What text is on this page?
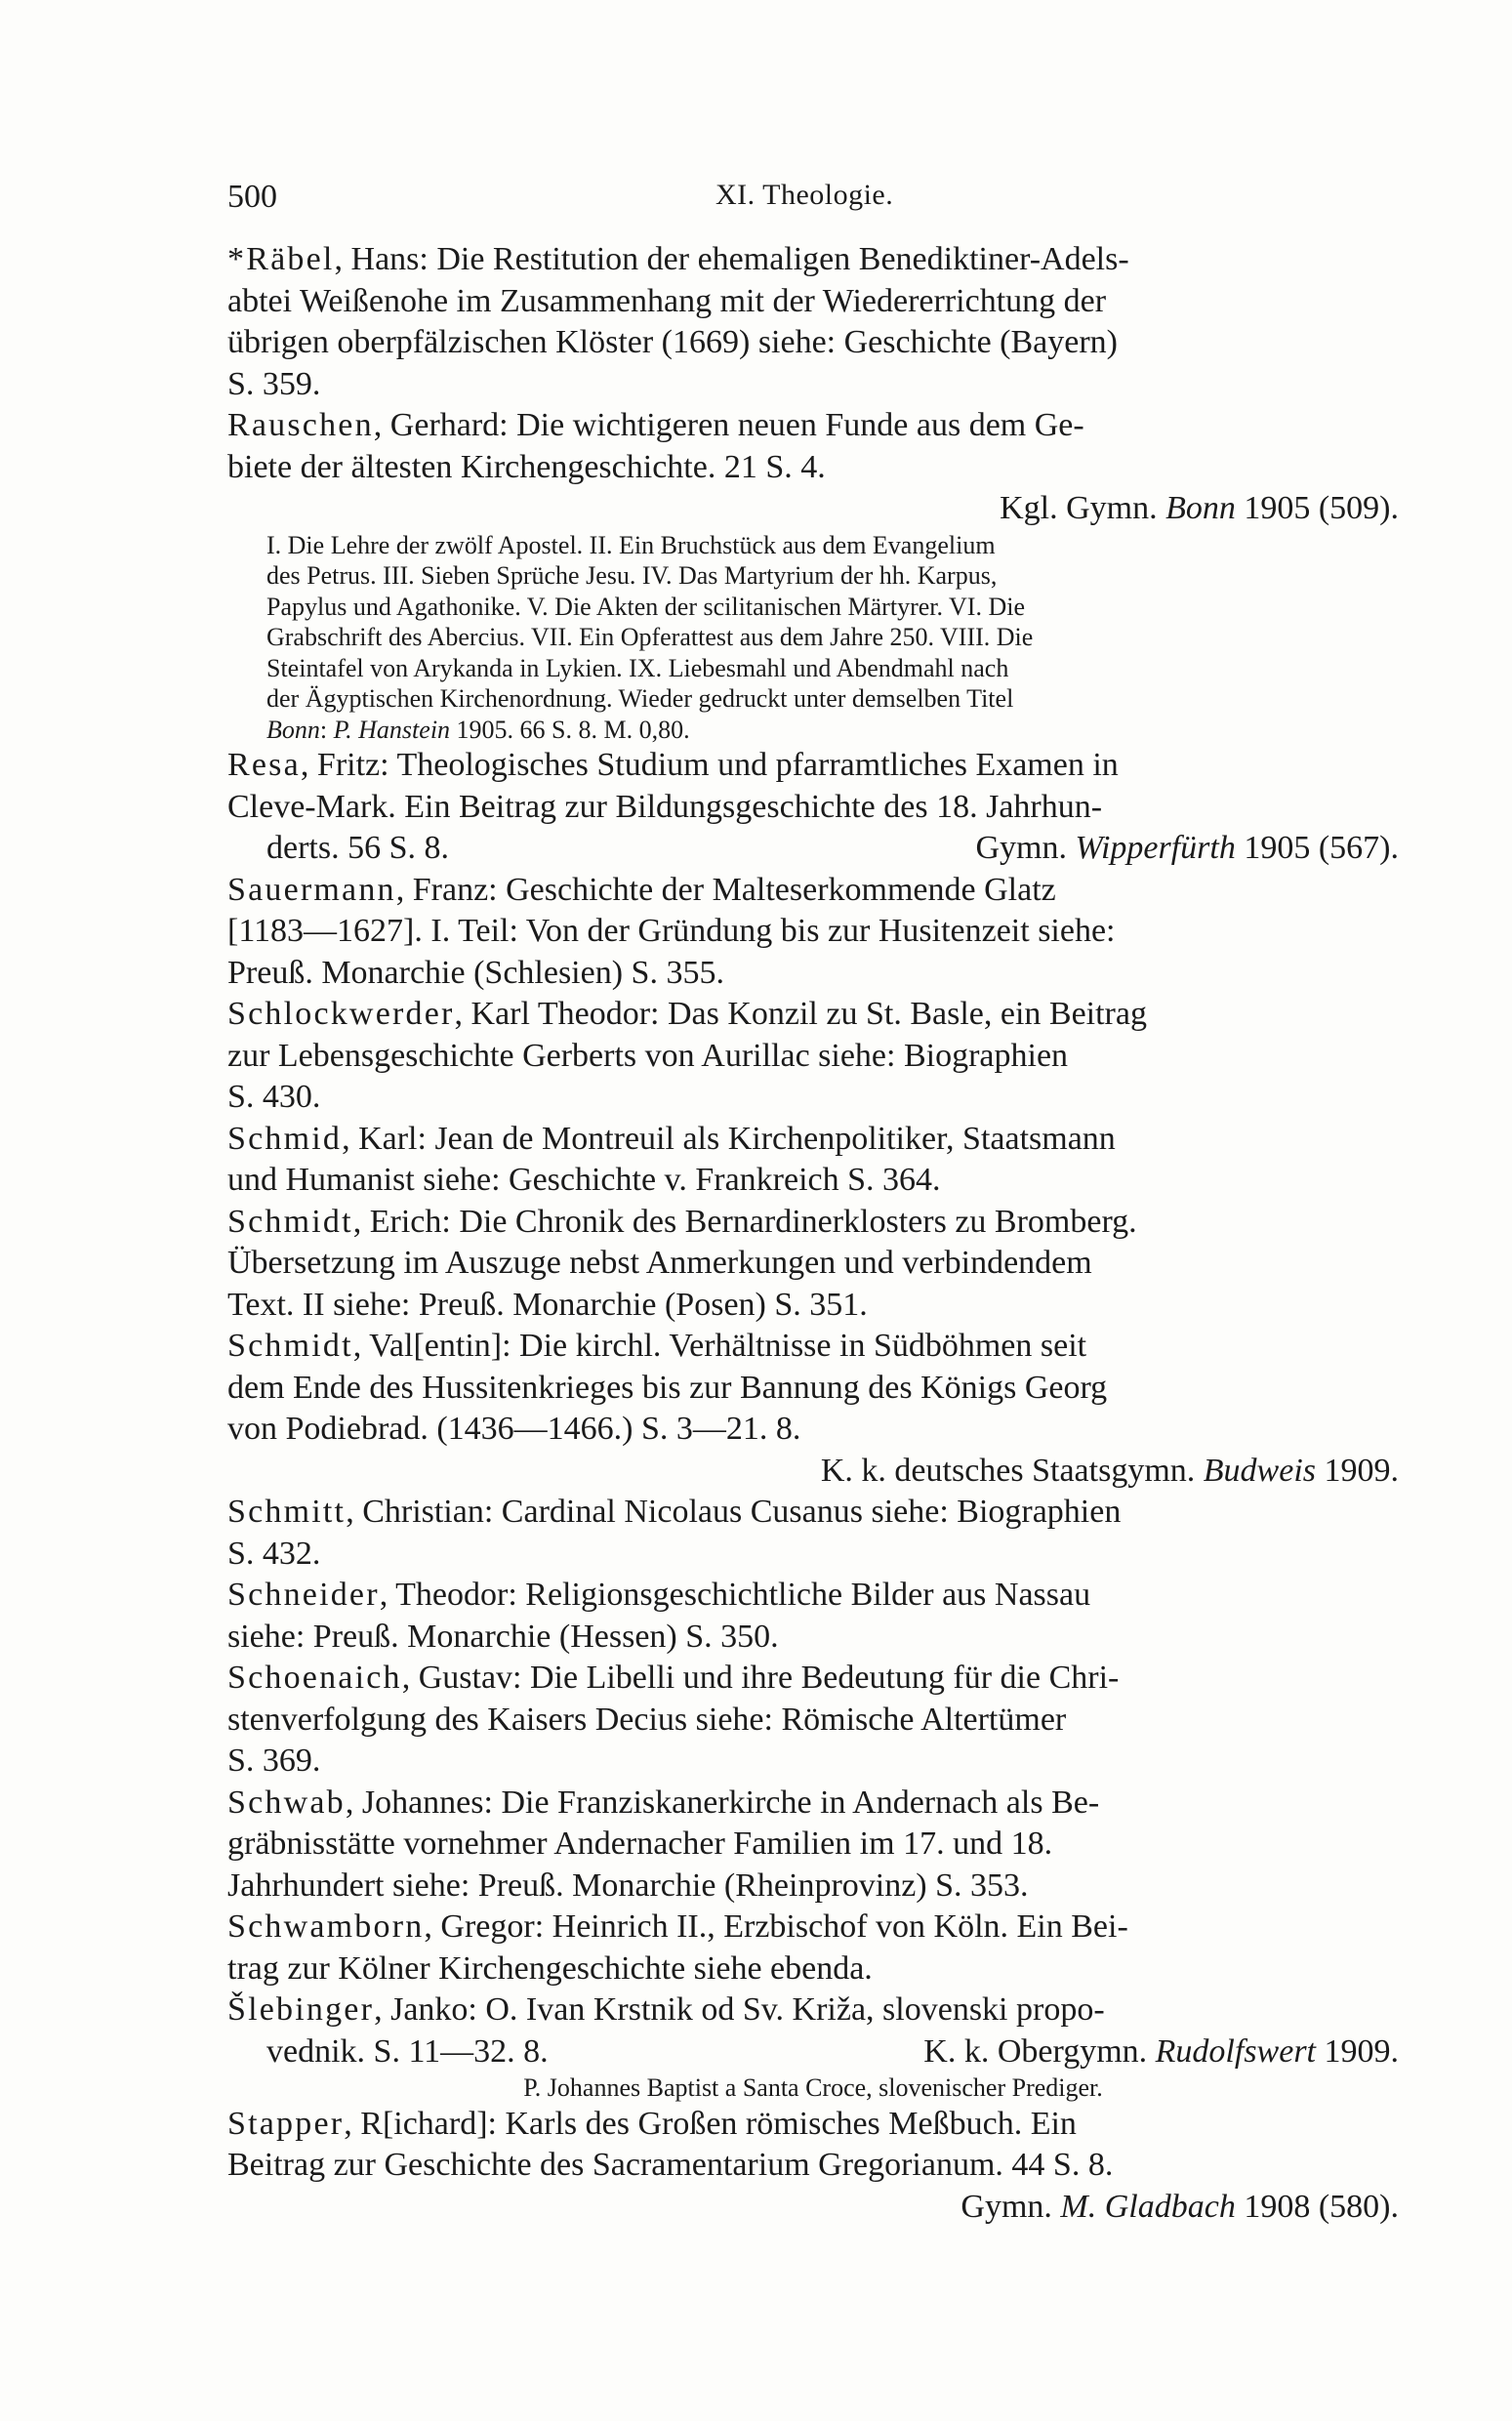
500	XI. Theologie.

*Räbel, Hans: Die Restitution der ehemaligen Benediktiner-Adels-
abtei Weißenohe im Zusammenhang mit der Wiedererrichtung der
übrigen oberpfälzischen Klöster (1669) siehe: Geschichte (Bayern)
S. 359.

Rauschen, Gerhard: Die wichtigeren neuen Funde aus dem Ge-
biete der ältesten Kirchengeschichte. 21 S. 4.
Kgl. Gymn. Bonn 1905 (509).

I. Die Lehre der zwölf Apostel. II. Ein Bruchstück aus dem Evangelium
des Petrus. III. Sieben Sprüche Jesu. IV. Das Martyrium der hh. Karpus,
Papylus und Agathonike. V. Die Akten der scilitanischen Märtyrer. VI. Die
Grabschrift des Abercius. VII. Ein Opferattest aus dem Jahre 250. VIII. Die
Steintafel von Arykanda in Lykien. IX. Liebesmahl und Abendmahl nach
der Ägyptischen Kirchenordnung. Wieder gedruckt unter demselben Titel
Bonn: P. Hanstein 1905. 66 S. 8. M. 0,80.

Resa, Fritz: Theologisches Studium und pfarramtliches Examen in
Cleve-Mark. Ein Beitrag zur Bildungsgeschichte des 18. Jahrhun-
derts. 56 S. 8.	Gymn. Wipperfürth 1905 (567).

Sauermann, Franz: Geschichte der Malteserkommende Glatz
[1183—1627]. I. Teil: Von der Gründung bis zur Husitenzeit siehe:
Preuß. Monarchie (Schlesien) S. 355.

Schlockwerder, Karl Theodor: Das Konzil zu St. Basle, ein Beitrag
zur Lebensgeschichte Gerberts von Aurillac siehe: Biographien
S. 430.

Schmid, Karl: Jean de Montreuil als Kirchenpolitiker, Staatsmann
und Humanist siehe: Geschichte v. Frankreich S. 364.

Schmidt, Erich: Die Chronik des Bernardinerklosters zu Bromberg.
Übersetzung im Auszuge nebst Anmerkungen und verbindendem
Text. II siehe: Preuß. Monarchie (Posen) S. 351.

Schmidt, Val[entin]: Die kirchl. Verhältnisse in Südböhmen seit
dem Ende des Hussitenkrieges bis zur Bannung des Königs Georg
von Podiebrad. (1436—1466.) S. 3—21. 8.
K. k. deutsches Staatsgymn. Budweis 1909.

Schmitt, Christian: Cardinal Nicolaus Cusanus siehe: Biographien
S. 432.

Schneider, Theodor: Religionsgeschichtliche Bilder aus Nassau
siehe: Preuß. Monarchie (Hessen) S. 350.

Schoenaich, Gustav: Die Libelli und ihre Bedeutung für die Chri-
stenverfolgung des Kaisers Decius siehe: Römische Altertümer
S. 369.

Schwab, Johannes: Die Franziskanerkirche in Andernach als Be-
gräbnisstätte vornehmer Andernacher Familien im 17. und 18.
Jahrhundert siehe: Preuß. Monarchie (Rheinprovinz) S. 353.

Schwamborn, Gregor: Heinrich II., Erzbischof von Köln. Ein Bei-
trag zur Kölner Kirchengeschichte siehe ebenda.

Šlebinger, Janko: O. Ivan Krstnik od Sv. Križa, slovenski propo-
vednik. S. 11—32. 8.	K. k. Obergymn. Rudolfswert 1909.

P. Johannes Baptist a Santa Croce, slovenischer Prediger.

Stapper, R[ichard]: Karls des Großen römisches Meßbuch. Ein
Beitrag zur Geschichte des Sacramentarium Gregorianum. 44 S. 8.
Gymn. M. Gladbach 1908 (580).
